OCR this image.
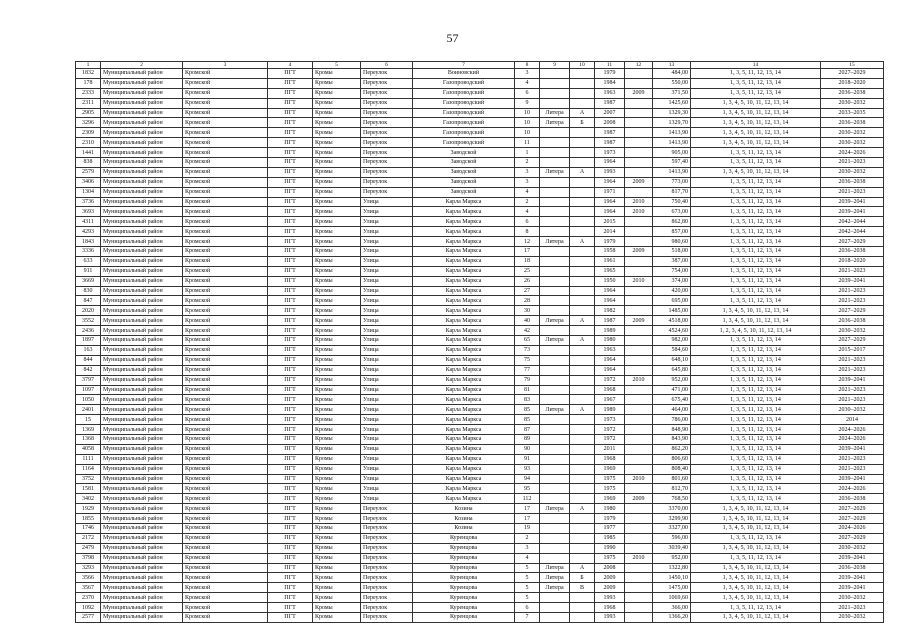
57
1	2	3	4	5	6	7	8	9	10	11	12	13	14	15
1832	Муниципальный район	Кромской	ПГТ	Кромы	Переулок	Воиновский	3			1979		484,00	1, 3, 5, 11, 12, 13, 14	2027–2029
178	Муниципальный район	Кромской	ПГТ	Кромы	Переулок	Газопроводский	4			1984		550,00	1, 3, 5, 11, 12, 13, 14	2018–2020
2333	Муниципальный район	Кромской	ПГТ	Кромы	Переулок	Газопроводский	6			1963	2009	371,50	1, 3, 5, 11, 12, 13, 14	2036–2038
2311	Муниципальный район	Кромской	ПГТ	Кромы	Переулок	Газопроводский	9			1987		1425,60	1, 3, 4, 5, 10, 11, 12, 13, 14	2030–2032
2905	Муниципальный район	Кромской	ПГТ	Кромы	Переулок	Газопроводский	10	Литера	А	2007		1329,30	1, 3, 4, 5, 10, 11, 12, 13, 14	2033–2035
3296	Муниципальный район	Кромской	ПГТ	Кромы	Переулок	Газопроводский	10	Литера	Б	2008		1329,70	1, 3, 4, 5, 10, 11, 12, 13, 14	2036–2038
2309	Муниципальный район	Кромской	ПГТ	Кромы	Переулок	Газопроводский	10			1987		1413,90	1, 3, 4, 5, 10, 11, 12, 13, 14	2030–2032
2310	Муниципальный район	Кромской	ПГТ	Кромы	Переулок	Газопроводский	11			1987		1413,90	1, 3, 4, 5, 10, 11, 12, 13, 14	2030–2032
1441	Муниципальный район	Кромской	ПГТ	Кромы	Переулок	Заводской	1			1973		905,00	1, 3, 5, 11, 12, 13, 14	2024–2026
838	Муниципальный район	Кромской	ПГТ	Кромы	Переулок	Заводской	2			1964		597,40	1, 3, 5, 11, 12, 13, 14	2021–2023
2579	Муниципальный район	Кромской	ПГТ	Кромы	Переулок	Заводской	3	Литера	А	1993		1413,90	1, 3, 4, 5, 10, 11, 12, 13, 14	2030–2032
3406	Муниципальный район	Кромской	ПГТ	Кромы	Переулок	Заводской	3			1964	2009	773,00	1, 3, 5, 11, 12, 13, 14	2036–2038
1304	Муниципальный район	Кромской	ПГТ	Кромы	Переулок	Заводской	4			1971		817,70	1, 3, 5, 11, 12, 13, 14	2021–2023
3736	Муниципальный район	Кромской	ПГТ	Кромы	Улица	Карла Маркса	2			1964	2010	750,40	1, 3, 5, 11, 12, 13, 14	2039–2041
3693	Муниципальный район	Кромской	ПГТ	Кромы	Улица	Карла Маркса	4			1964	2010	673,00	1, 3, 5, 11, 12, 13, 14	2039–2041
4311	Муниципальный район	Кромской	ПГТ	Кромы	Улица	Карла Маркса	6			2015		862,80	1, 3, 5, 11, 12, 13, 14	2042–2044
4293	Муниципальный район	Кромской	ПГТ	Кромы	Улица	Карла Маркса	8			2014		857,00	1, 3, 5, 11, 12, 13, 14	2042–2044
1843	Муниципальный район	Кромской	ПГТ	Кромы	Улица	Карла Маркса	12	Литера	А	1979		980,60	1, 3, 5, 11, 12, 13, 14	2027–2029
3336	Муниципальный район	Кромской	ПГТ	Кромы	Улица	Карла Маркса	17			1958	2009	518,00	1, 3, 5, 11, 12, 13, 14	2036–2038
633	Муниципальный район	Кромской	ПГТ	Кромы	Улица	Карла Маркса	18			1961		387,00	1, 3, 5, 11, 12, 13, 14	2018–2020
911	Муниципальный район	Кромской	ПГТ	Кромы	Улица	Карла Маркса	25			1965		754,00	1, 3, 5, 11, 12, 13, 14	2021–2023
3669	Муниципальный район	Кромской	ПГТ	Кромы	Улица	Карла Маркса	26			1950	2010	374,00	1, 3, 5, 11, 12, 13, 14	2039–2041
830	Муниципальный район	Кромской	ПГТ	Кромы	Улица	Карла Маркса	27			1964		420,00	1, 3, 5, 11, 12, 13, 14	2021–2023
847	Муниципальный район	Кромской	ПГТ	Кромы	Улица	Карла Маркса	28			1964		695,00	1, 3, 5, 11, 12, 13, 14	2021–2023
2020	Муниципальный район	Кромской	ПГТ	Кромы	Улица	Карла Маркса	30			1982		1485,00	1, 3, 4, 5, 10, 11, 12, 13, 14	2027–2029
3552	Муниципальный район	Кромской	ПГТ	Кромы	Улица	Карла Маркса	40	Литера	А	1987	2009	4518,00	1, 3, 4, 5, 10, 11, 12, 13, 14	2036–2038
2436	Муниципальный район	Кромской	ПГТ	Кромы	Улица	Карла Маркса	42			1989		4524,60	1, 2, 3, 4, 5, 10, 11, 12, 13, 14	2030–2032
1897	Муниципальный район	Кромской	ПГТ	Кромы	Улица	Карла Маркса	65	Литера	А	1980		982,00	1, 3, 5, 11, 12, 13, 14	2027–2029
163	Муниципальный район	Кромской	ПГТ	Кромы	Улица	Карла Маркса	73			1963		584,60	1, 3, 5, 11, 12, 13, 14	2015–2017
844	Муниципальный район	Кромской	ПГТ	Кромы	Улица	Карла Маркса	75			1964		648,10	1, 3, 5, 11, 12, 13, 14	2021–2023
842	Муниципальный район	Кромской	ПГТ	Кромы	Улица	Карла Маркса	77			1964		645,80	1, 3, 5, 11, 12, 13, 14	2021–2023
3797	Муниципальный район	Кромской	ПГТ	Кромы	Улица	Карла Маркса	79			1972	2010	952,00	1, 3, 5, 11, 12, 13, 14	2039–2041
1097	Муниципальный район	Кромской	ПГТ	Кромы	Улица	Карла Маркса	81			1968		471,00	1, 3, 5, 11, 12, 13, 14	2021–2023
1050	Муниципальный район	Кромской	ПГТ	Кромы	Улица	Карла Маркса	83			1967		675,40	1, 3, 5, 11, 12, 13, 14	2021–2023
2401	Муниципальный район	Кромской	ПГТ	Кромы	Улица	Карла Маркса	85	Литера	А	1989		464,00	1, 3, 5, 11, 12, 13, 14	2030–2032
15	Муниципальный район	Кромской	ПГТ	Кромы	Улица	Карла Маркса	85			1973		786,00	1, 3, 5, 11, 12, 13, 14	2014
1369	Муниципальный район	Кромской	ПГТ	Кромы	Улица	Карла Маркса	87			1972		848,90	1, 3, 5, 11, 12, 13, 14	2024–2026
1368	Муниципальный район	Кромской	ПГТ	Кромы	Улица	Карла Маркса	89			1972		843,90	1, 3, 5, 11, 12, 13, 14	2024–2026
4058	Муниципальный район	Кромской	ПГТ	Кромы	Улица	Карла Маркса	90			2011		862,20	1, 3, 5, 11, 12, 13, 14	2039–2041
1111	Муниципальный район	Кромской	ПГТ	Кромы	Улица	Карла Маркса	91			1968		806,60	1, 3, 5, 11, 12, 13, 14	2021–2023
1164	Муниципальный район	Кромской	ПГТ	Кромы	Улица	Карла Маркса	93			1969		808,40	1, 3, 5, 11, 12, 13, 14	2021–2023
3752	Муниципальный район	Кромской	ПГТ	Кромы	Улица	Карла Маркса	94			1975	2010	801,60	1, 3, 5, 11, 12, 13, 14	2039–2041
1581	Муниципальный район	Кромской	ПГТ	Кромы	Улица	Карла Маркса	95			1975		812,70	1, 3, 5, 11, 12, 13, 14	2024–2026
3402	Муниципальный район	Кромской	ПГТ	Кромы	Улица	Карла Маркса	112			1969	2009	768,50	1, 3, 5, 11, 12, 13, 14	2036–2038
1929	Муниципальный район	Кромской	ПГТ	Кромы	Переулок	Козина	17	Литера	А	1980		3370,00	1, 3, 4, 5, 10, 11, 12, 13, 14	2027–2029
1855	Муниципальный район	Кромской	ПГТ	Кромы	Переулок	Козина	17			1979		3299,90	1, 3, 4, 5, 10, 11, 12, 13, 14	2027–2029
1746	Муниципальный район	Кромской	ПГТ	Кромы	Переулок	Козина	19			1977		3327,00	1, 3, 4, 5, 10, 11, 12, 13, 14	2024–2026
2172	Муниципальный район	Кромской	ПГТ	Кромы	Переулок	Куренцова	2			1985		596,00	1, 3, 5, 11, 12, 13, 14	2027–2029
2479	Муниципальный район	Кромской	ПГТ	Кромы	Переулок	Куренцова	3			1990		3039,40	1, 3, 4, 5, 10, 11, 12, 13, 14	2030–2032
3798	Муниципальный район	Кромской	ПГТ	Кромы	Переулок	Куренцова	4			1975	2010	952,00	1, 3, 5, 11, 12, 13, 14	2039–2041
3293	Муниципальный район	Кромской	ПГТ	Кромы	Переулок	Куренцова	5	Литера	А	2008		1322,80	1, 3, 4, 5, 10, 11, 12, 13, 14	2036–2038
3566	Муниципальный район	Кромской	ПГТ	Кромы	Переулок	Куренцова	5	Литера	Б	2009		1450,10	1, 3, 4, 5, 10, 11, 12, 13, 14	2039–2041
3567	Муниципальный район	Кромской	ПГТ	Кромы	Переулок	Куренцова	5	Литера	В	2009		1475,00	1, 3, 4, 5, 10, 11, 12, 13, 14	2039–2041
2370	Муниципальный район	Кромской	ПГТ	Кромы	Переулок	Куренцова	5			1993		1069,60	1, 3, 4, 5, 10, 11, 12, 13, 14	2030–2032
1092	Муниципальный район	Кромской	ПГТ	Кромы	Переулок	Куренцова	6			1968		366,00	1, 3, 5, 11, 12, 13, 14	2021–2023
2577	Муниципальный район	Кромской	ПГТ	Кромы	Переулок	Куренцова	7			1993		1366,20	1, 3, 4, 5, 10, 11, 12, 13, 14	2030–2032
